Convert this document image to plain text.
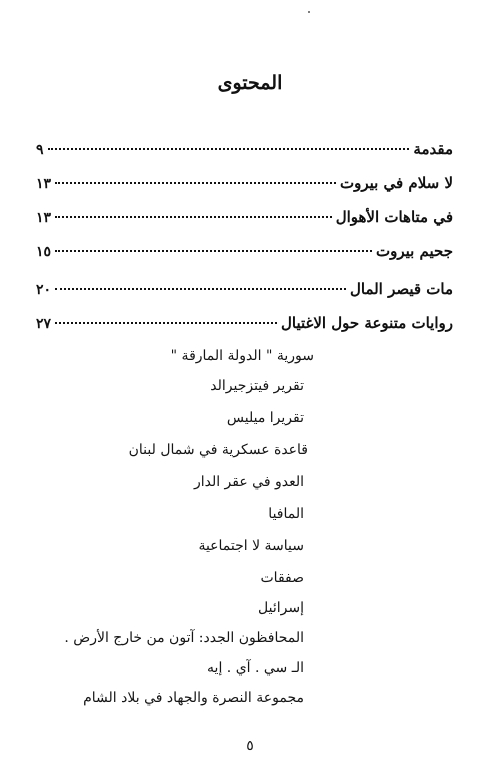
المحتوى
مقدمة
٩
لا سلام في بيروت
١٣
في متاهات الأهوال
١٣
جحيم بيروت
١٥
مات قيصر المال
٢٠
روايات متنوعة حول الاغتيال
٢٧
سورية " الدولة المارقة "
تقرير فيتزجيرالد
تقريرا ميليس
قاعدة عسكرية في شمال لبنان
العدو في عقر الدار
المافيا
سياسة لا اجتماعية
صفقات
إسرائيل
المحافظون الجدد: آتون من خارج الأرض .
الـ سي . آي . إيه
مجموعة النصرة والجهاد في بلاد الشام
٥
